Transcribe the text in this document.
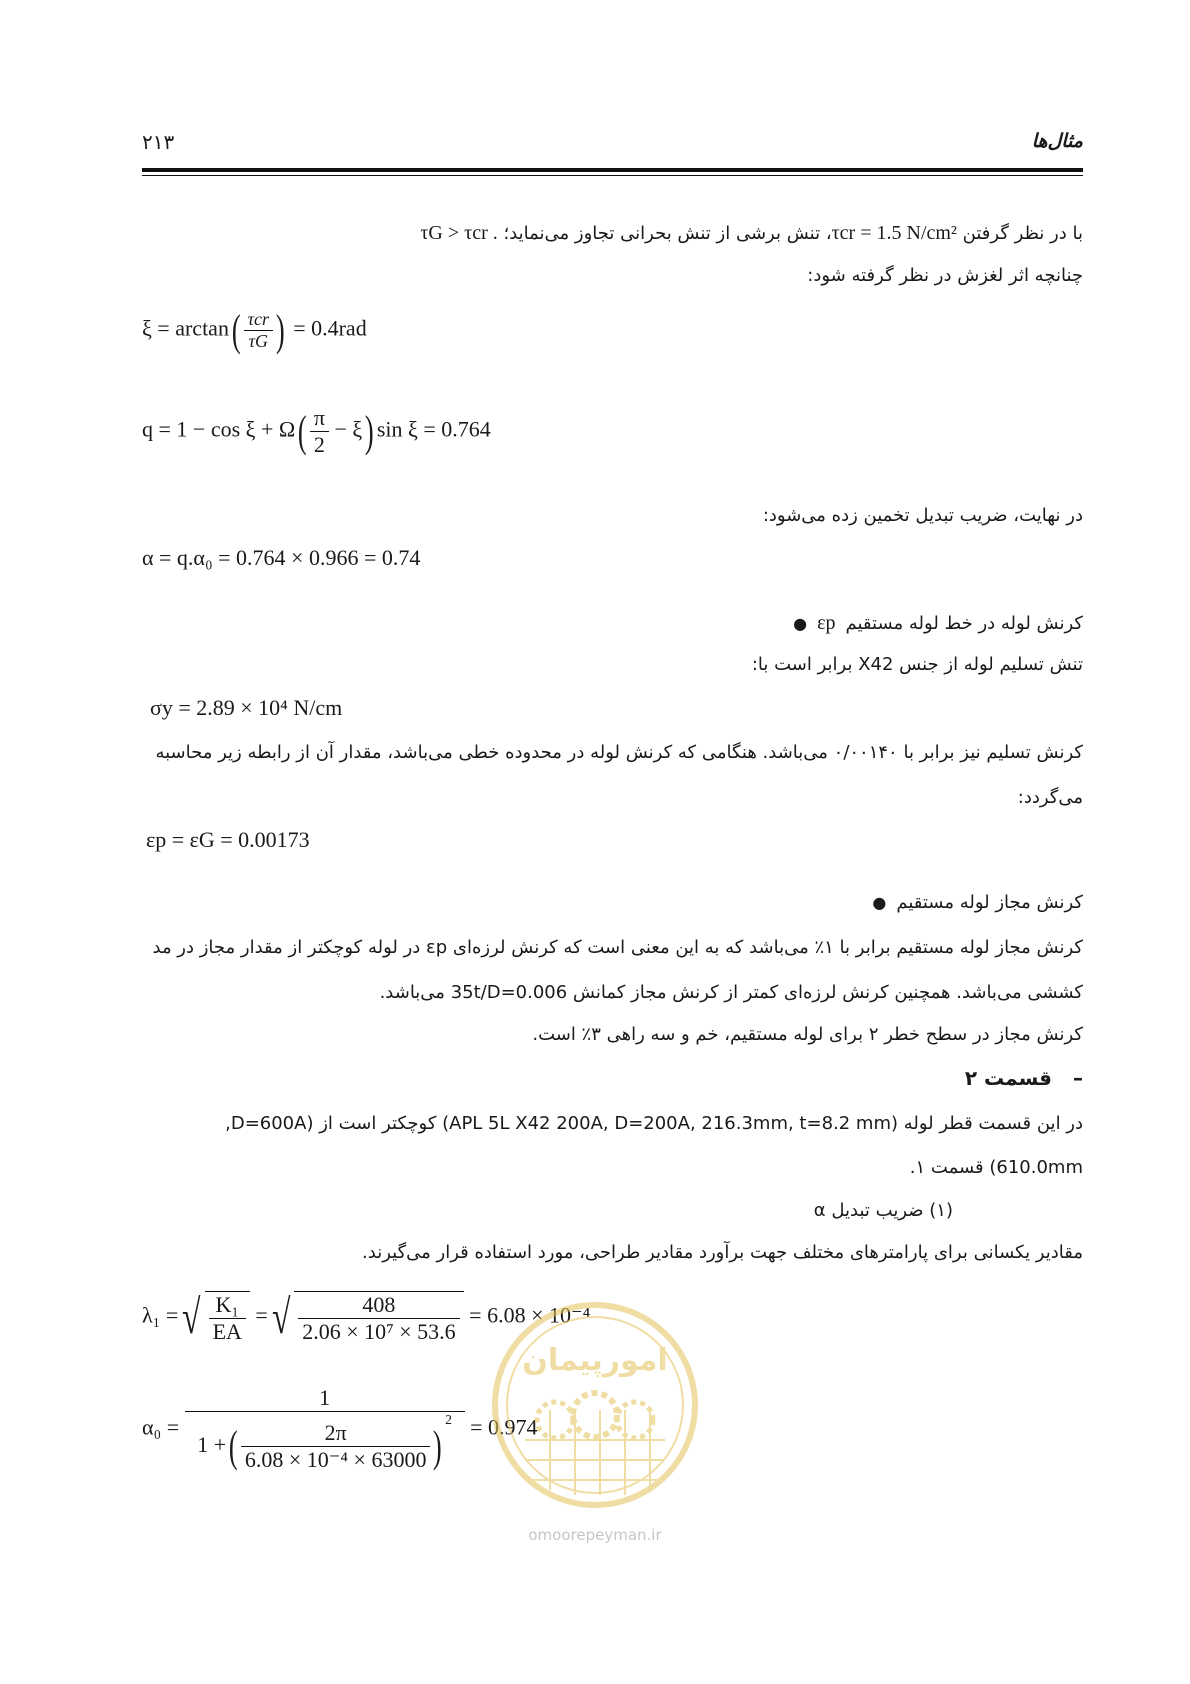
۲۱۳	مثال‌ها
با در نظر گرفتن τcr = 1.5 N/cm²، تنش برشی از تنش بحرانی تجاوز می‌نماید؛ τG > τcr .
چنانچه اثر لغزش در نظر گرفته شود:
$\xi = \arctan( \frac{\text{τcr}}{\tau G}$ ) = 0.4rad
$q = 1 - \cos \xi + \Omega( \frac{\pi}{2} - \xi)$ sin ξ = 0.764
در نهایت، ضریب تبدیل تخمین زده می‌شود:
α = q.α₀ = 0.764 × 0.966 = 0.74
● εp کرنش لوله در خط لوله مستقیم
تنش تسلیم لوله از جنس X42 برابر است با:
σy = 2.89 × 10⁴ N/cm
کرنش تسلیم نیز برابر با ۰/۰۰۱۴۰ می‌باشد. هنگامی که کرنش لوله در محدوده خطی می‌باشد، مقدار آن از رابطه زیر محاسبه
می‌گردد:
εp = εG = 0.00173
● کرنش مجاز لوله مستقیم
کرنش مجاز لوله مستقیم برابر با ۱٪ می‌باشد که به این معنی است که کرنش لرزه‌ای εp در لوله کوچکتر از مقدار مجاز در مد
کششی می‌باشد. همچنین کرنش لرزه‌ای کمتر از کرنش مجاز کمانش 35t/D=0.006 می‌باشد.
کرنش مجاز در سطح خطر ۲ برای لوله مستقیم، خم و سه راهی ۳٪ است.
– قسمت ۲
در این قسمت قطر لوله (APL 5L X42 200A, D=200A, 216.3mm, t=8.2 mm) کوچکتر است از (D=600A,
610.0mm) قسمت ۱.
(۱) ضریب تبدیل α
مقادیر یکسانی برای پارامترهای مختلف جهت برآورد مقادیر طراحی، مورد استفاده قرار می‌گیرند.
λ₁ =√ $\frac{\text{K₁}}{EA}$ =√ $\frac{408}{\text{2.06 × 10⁷ × 53.6}} = 6.08 \times 10^{-4}$
$\alpha_0 = \frac{1}{1 +( \frac{2\pi}{\text{6.08 × 10⁻⁴ × 63000}} )^2} = 0.974$
امورپیمان
omoorepeyman.ir
